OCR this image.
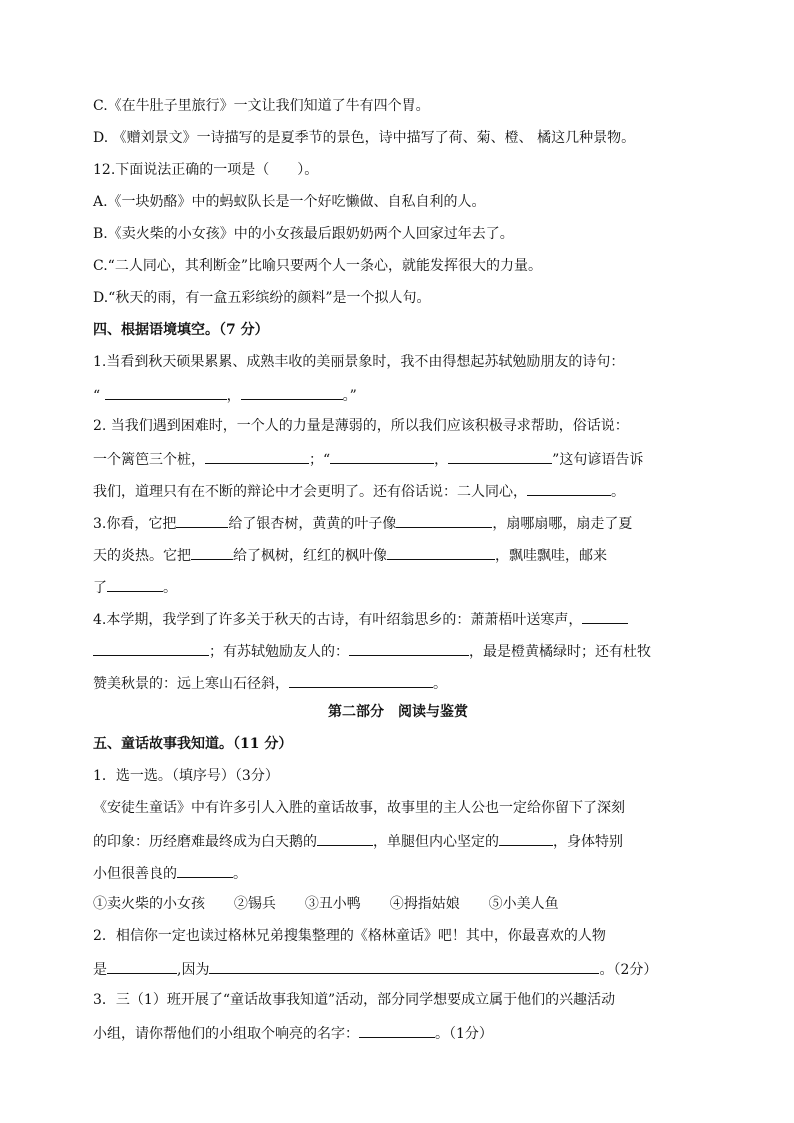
C.《在牛肚子里旅行》一文让我们知道了牛有四个胃。
D. 《赠刘景文》一诗描写的是夏季节的景色，诗中描写了荷、菊、橙、 橘这几种景物。
12.下面说法正确的一项是（　　）。
A.《一块奶酪》中的蚂蚁队长是一个好吃懒做、自私自利的人。
B.《卖火柴的小女孩》中的小女孩最后跟奶奶两个人回家过年去了。
C.“二人同心，其利断金”比喻只要两个人一条心，就能发挥很大的力量。
D.“秋天的雨，有一盒五彩缤纷的颜料”是一个拟人句。
四、根据语境填空。（7 分）
1.当看到秋天硕果累累、成熟丰收的美丽景象时，我不由得想起苏轼勉励朋友的诗句：
“	，	。”
2. 当我们遇到困难时，一个人的力量是薄弱的，所以我们应该积极寻求帮助，俗话说：
一个篱笆三个桩，	；“	，	”这句谚语告诉
我们，道理只有在不断的辩论中才会更明了。还有俗话说：二人同心，	。
3.你看，它把	给了银杏树，黄黄的叶子像	，扇哪扇哪，扇走了夏
天的炎热。它把	给了枫树，红红的枫叶像	，飘哇飘哇，邮来
了	。
4.本学期，我学到了许多关于秋天的古诗，有叶绍翁思乡的：萧萧梧叶送寒声，
；有苏轼勉励友人的：	，最是橙黄橘绿时；还有杜牧
赞美秋景的：远上寒山石径斜，	。
第二部分　阅读与鉴赏
五、童话故事我知道。（11 分）
1．选一选。（填序号）（3分）
《安徒生童话》中有许多引人入胜的童话故事，故事里的主人公也一定给你留下了深刻
的印象：历经磨难最终成为白天鹅的	，单腿但内心坚定的	，身体特别
小但很善良的	。
①卖火柴的小女孩 ②锡兵 ③丑小鸭 ④拇指姑娘 ⑤小美人鱼
2．相信你一定也读过格林兄弟搜集整理的《格林童话》吧！其中，你最喜欢的人物
是	,因为	。（2分）
3．三（1）班开展了“童话故事我知道”活动，部分同学想要成立属于他们的兴趣活动
小组，请你帮他们的小组取个响亮的名字：	。（1分）
